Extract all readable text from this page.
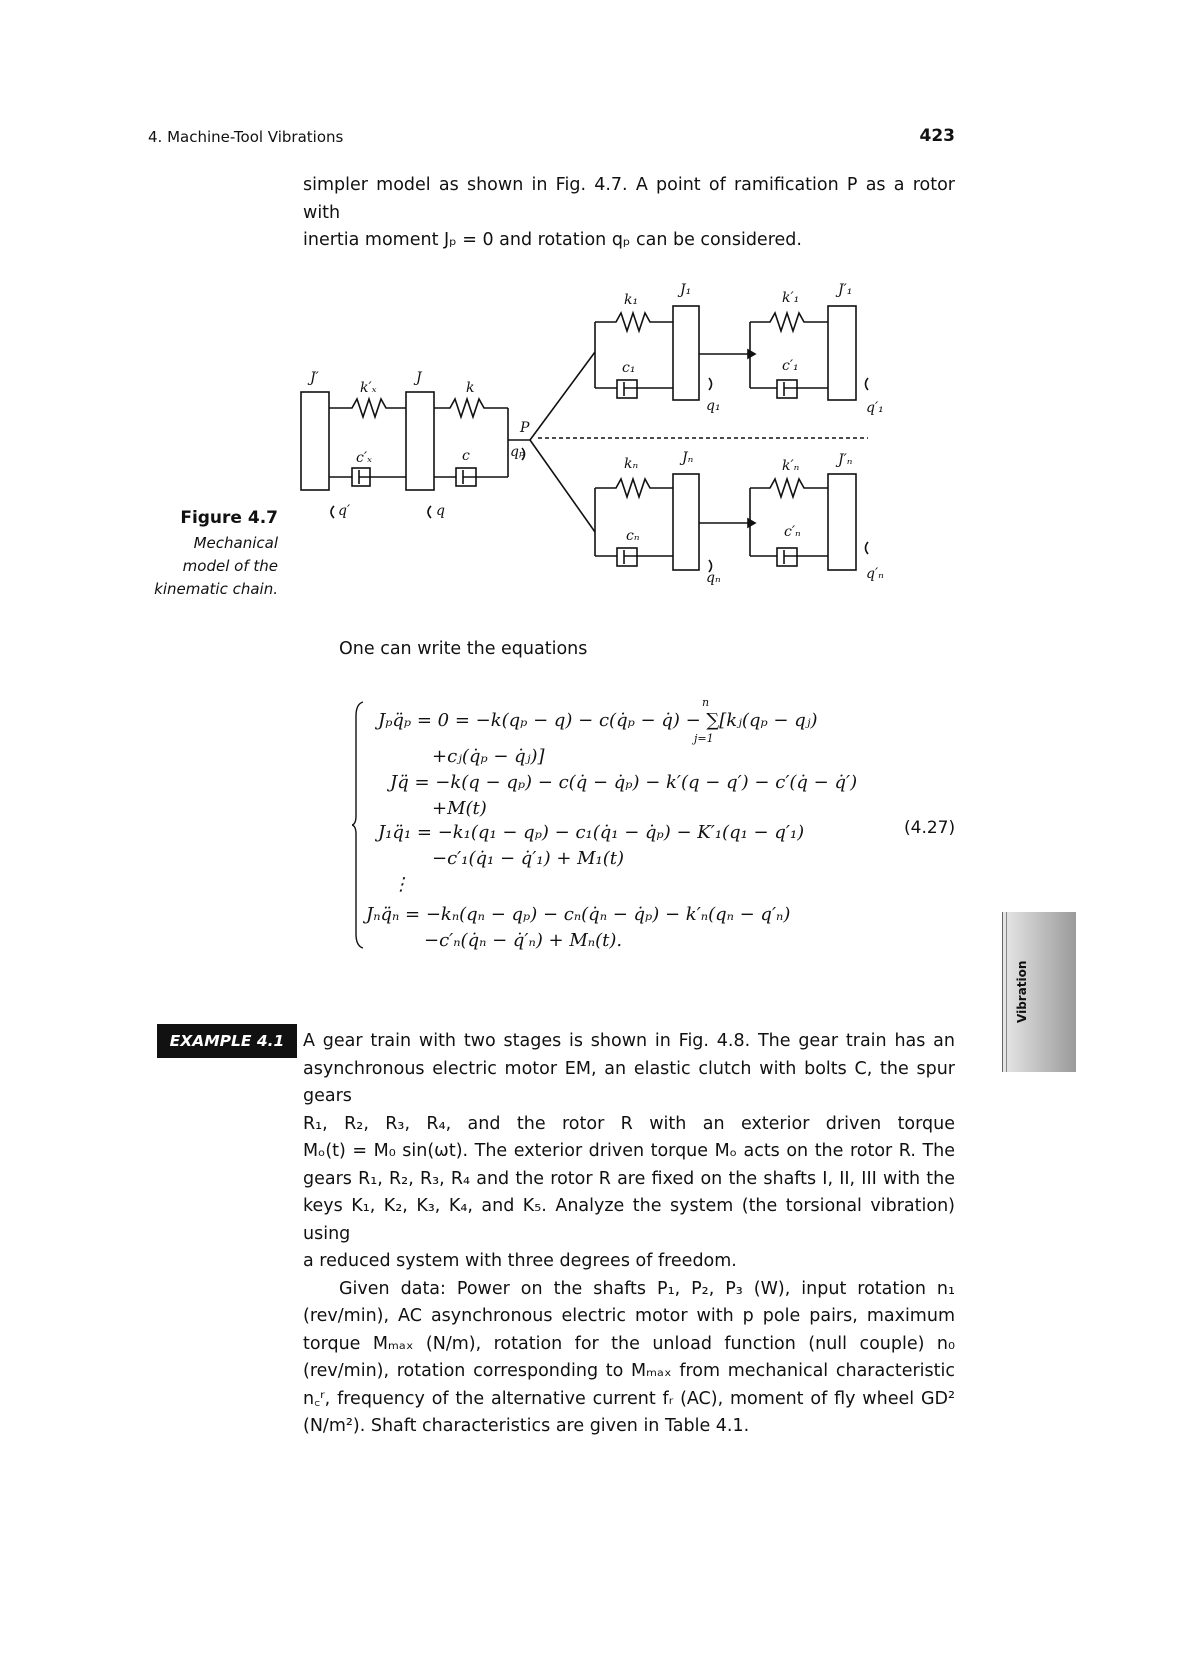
4. Machine-Tool Vibrations	423
simpler model as shown in Fig. 4.7. A point of ramification P as a rotor with
inertia moment Jₚ = 0 and rotation qₚ can be considered.
Figure 4.7
Mechanical
model of the
kinematic chain.
J′
k′ₓ
c′ₓ
J
k
c
q′	q
P
qₚ
k₁
J₁	k′₁	J′₁
c₁	c′₁
q₁	q′₁
kₙ	Jₙ	k′ₙ	J′ₙ
cₙ	c′ₙ
qₙ	q′ₙ
One can write the equations
Jₚq̈ₚ = 0 = −k(qₚ − q) − c(q̇ₚ − q̇) − ∑[kⱼ(qₚ − qⱼ)
n
j=1
+cⱼ(q̇ₚ − q̇ⱼ)]
Jq̈ = −k(q − qₚ) − c(q̇ − q̇ₚ) − k′(q − q′) − c′(q̇ − q̇′)
+M(t)
J₁q̈₁ = −k₁(q₁ − qₚ) − c₁(q̇₁ − q̇ₚ) − K′₁(q₁ − q′₁)
−c′₁(q̇₁ − q̇′₁) + M₁(t)
⋮
Jₙq̈ₙ = −kₙ(qₙ − qₚ) − cₙ(q̇ₙ − q̇ₚ) − k′ₙ(qₙ − q′ₙ)
−c′ₙ(q̇ₙ − q̇′ₙ) + Mₙ(t).
(4.27)
Vibration
EXAMPLE 4.1	A gear train with two stages is shown in Fig. 4.8. The gear train has an
asynchronous electric motor EM, an elastic clutch with bolts C, the spur gears
R₁, R₂, R₃, R₄, and the rotor R with an exterior driven torque
Mₒ(t) = M₀ sin(ωt). The exterior driven torque Mₒ acts on the rotor R. The
gears R₁, R₂, R₃, R₄ and the rotor R are fixed on the shafts I, II, III with the
keys K₁, K₂, K₃, K₄, and K₅. Analyze the system (the torsional vibration) using
a reduced system with three degrees of freedom.
Given data: Power on the shafts P₁, P₂, P₃ (W), input rotation n₁
(rev/min), AC asynchronous electric motor with p pole pairs, maximum
torque Mₘₐₓ (N/m), rotation for the unload function (null couple) n₀
(rev/min), rotation corresponding to Mₘₐₓ from mechanical characteristic
n꜀ʳ, frequency of the alternative current fᵣ (AC), moment of fly wheel GD²
(N/m²). Shaft characteristics are given in Table 4.1.
